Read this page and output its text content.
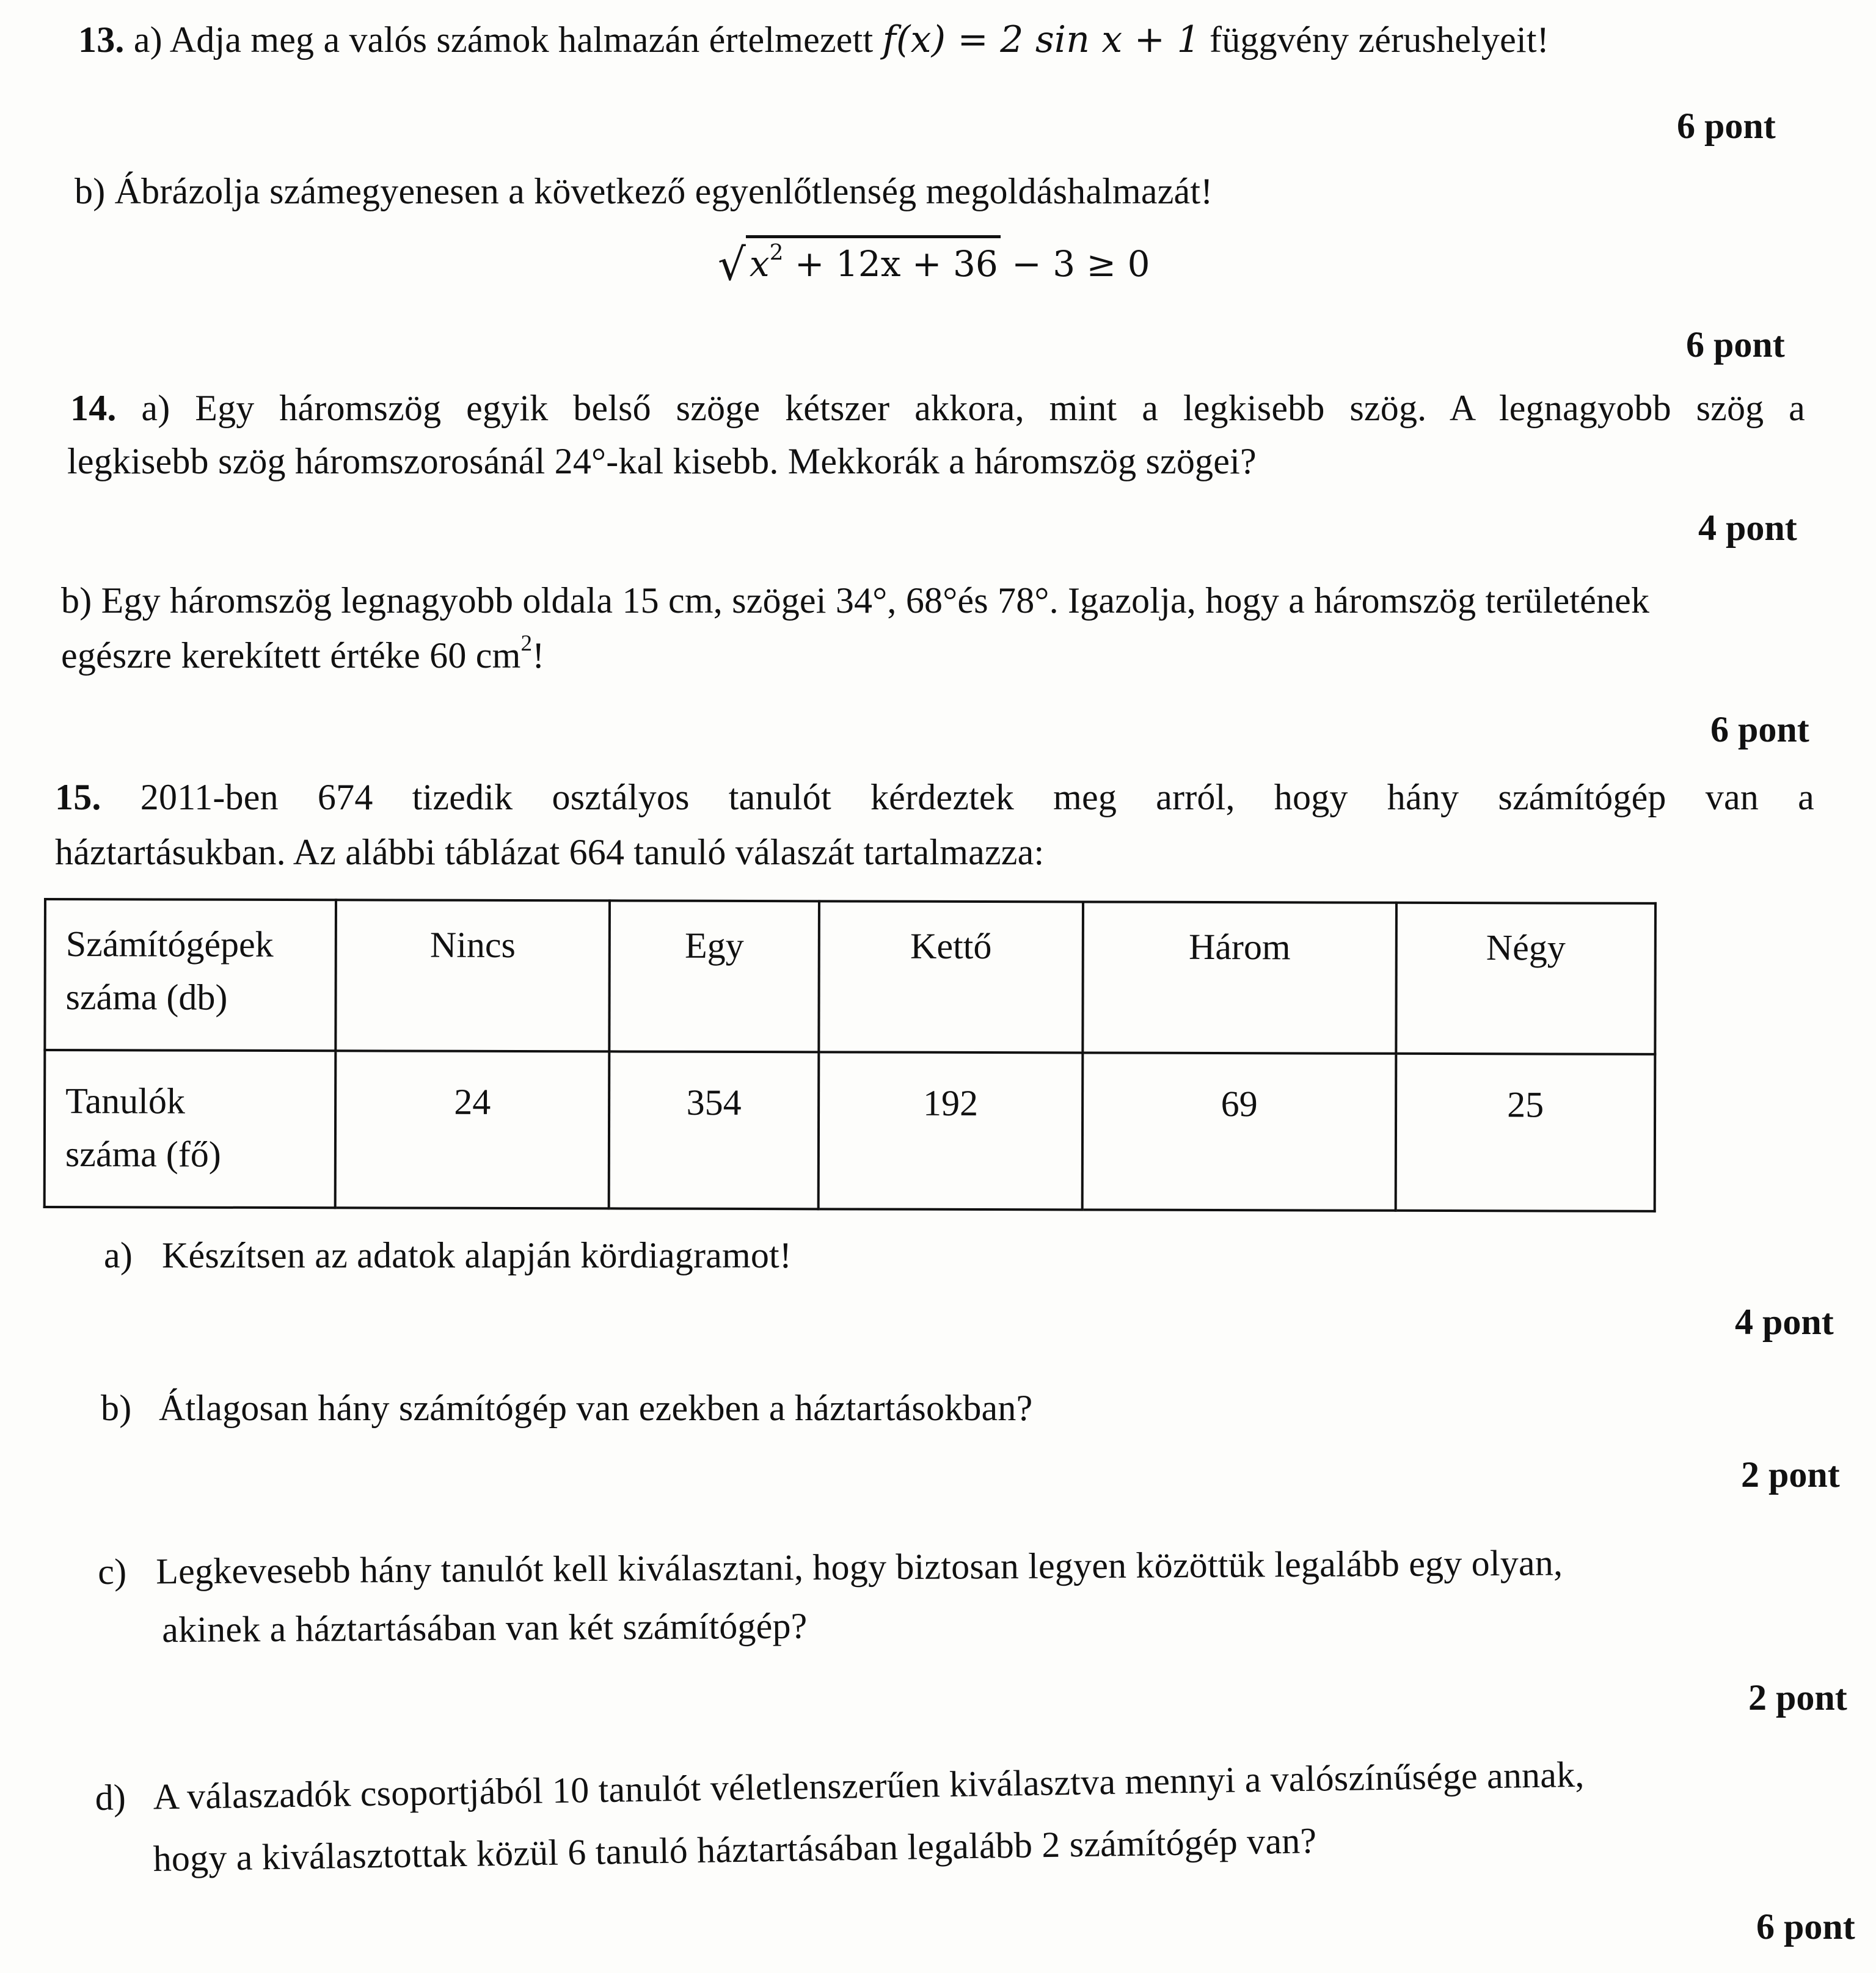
13. a) Adja meg a valós számok halmazán értelmezett f(x) = 2 sin x + 1 függvény zérushelyeit!
6 pont
b) Ábrázolja számegyenesen a következő egyenlőtlenség megoldáshalmazát!
√ $x^2 + 12x + 36 - 3 \ge 0$
6 pont
14. a) Egy háromszög egyik belső szöge kétszer akkora, mint a legkisebb szög. A legnagyobb szög a
legkisebb szög háromszorosánál 24°-kal kisebb. Mekkorák a háromszög szögei?
4 pont
b) Egy háromszög legnagyobb oldala 15 cm, szögei 34°, 68°és 78°. Igazolja, hogy a háromszög területének
egészre kerekített értéke 60 $cm^2$!
6 pont
15. 2011-ben 674 tizedik osztályos tanulót kérdeztek meg arról, hogy hány számítógép van a
háztartásukban. Az alábbi táblázat 664 tanuló válaszát tartalmazza:
Számítógépek
száma (db)	Nincs	Egy	Kettő	Három	Négy
Tanulók
száma (fő)	24	354	192	69	25
a) Készítsen az adatok alapján kördiagramot!
4 pont
b) Átlagosan hány számítógép van ezekben a háztartásokban?
2 pont
c) Legkevesebb hány tanulót kell kiválasztani, hogy biztosan legyen közöttük legalább egy olyan,
akinek a háztartásában van két számítógép?
2 pont
d) A válaszadók csoportjából 10 tanulót véletlenszerűen kiválasztva mennyi a valószínűsége annak,
hogy a kiválasztottak közül 6 tanuló háztartásában legalább 2 számítógép van?
6 pont
